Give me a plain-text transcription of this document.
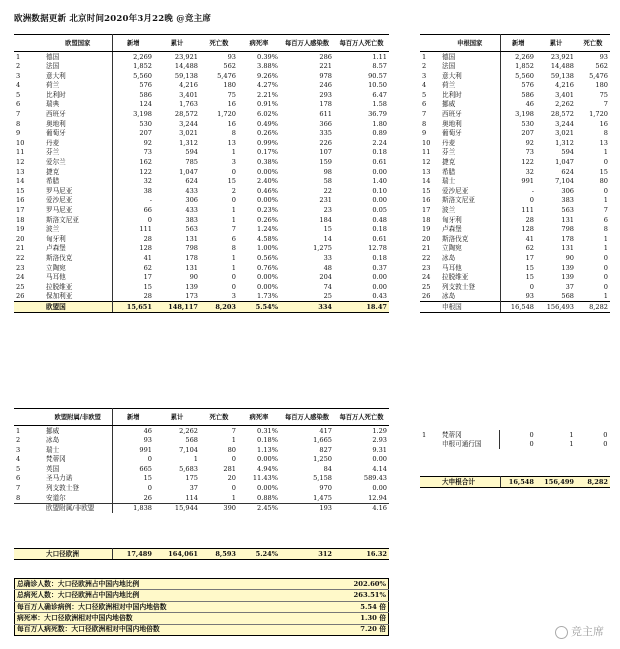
欧洲数据更新 北京时间2020年3月22晚 @竞主席
	欧盟国家	新增	累计	死亡数	病死率	每百万人感染数	每百万人死亡数
1	德国	2,269	23,921	93	0.39%	286	1.11
2	法国	1,852	14,488	562	3.88%	221	8.57
3	意大利	5,560	59,138	5,476	9.26%	978	90.57
4	荷兰	576	4,216	180	4.27%	246	10.50
5	比利时	586	3,401	75	2.21%	293	6.47
6	瑞典	124	1,763	16	0.91%	178	1.58
7	西班牙	3,198	28,572	1,720	6.02%	611	36.79
8	奥地利	530	3,244	16	0.49%	366	1.80
9	葡萄牙	207	3,021	8	0.26%	335	0.89
10	丹麦	92	1,312	13	0.99%	226	2.24
11	芬兰	73	594	1	0.17%	107	0.18
12	爱尔兰	162	785	3	0.38%	159	0.61
13	捷克	122	1,047	0	0.00%	98	0.00
14	希腊	32	624	15	2.40%	58	1.40
15	罗马尼亚	38	433	2	0.46%	22	0.10
16	爱沙尼亚	-	306	0	0.00%	231	0.00
17	罗马尼亚	66	433	1	0.23%	23	0.05
18	斯洛文尼亚	0	383	1	0.26%	184	0.48
19	波兰	111	563	7	1.24%	15	0.18
20	匈牙利	28	131	6	4.58%	14	0.61
21	卢森堡	128	798	8	1.00%	1,275	12.78
22	斯洛伐克	41	178	1	0.56%	33	0.18
23	立陶宛	62	131	1	0.76%	48	0.37
24	马耳他	17	90	0	0.00%	204	0.00
25	拉脱维亚	15	139	0	0.00%	74	0.00
26	保加利亚	28	173	3	1.73%	25	0.43
	欧盟国	15,651	148,117	8,203	5.54%	334	18.47
	申根国家	新增	累计	死亡数
1	德国	2,269	23,921	93
2	法国	1,852	14,488	562
3	意大利	5,560	59,138	5,476
4	荷兰	576	4,216	180
5	比利时	586	3,401	75
6	挪威	46	2,262	7
7	西班牙	3,198	28,572	1,720
8	奥地利	530	3,244	16
9	葡萄牙	207	3,021	8
10	丹麦	92	1,312	13
11	芬兰	73	594	1
12	捷克	122	1,047	0
13	希腊	32	624	15
14	瑞士	991	7,104	80
15	爱沙尼亚	-	306	0
16	斯洛文尼亚	0	383	1
17	波兰	111	563	7
18	匈牙利	28	131	6
19	卢森堡	128	798	8
20	斯洛伐克	41	178	1
21	立陶宛	62	131	1
22	冰岛	17	90	0
23	马耳他	15	139	0
24	拉脱维亚	15	139	0
25	列支敦士登	0	37	0
26	冰岛	93	568	1
	申根国	16,548	156,493	8,282
	欧盟附属/非欧盟	新增	累计	死亡数	病死率	每百万人感染数	每百万人死亡数
1	挪威	46	2,262	7	0.31%	417	1.29
2	冰岛	93	568	1	0.18%	1,665	2.93
3	瑞士	991	7,104	80	1.13%	827	9.31
4	梵蒂冈	0	1	0	0.00%	1,250	0.00
5	英国	665	5,683	281	4.94%	84	4.14
6	圣马力诺	15	175	20	11.43%	5,158	589.43
7	列支敦士登	0	37	0	0.00%	970	0.00
8	安道尔	26	114	1	0.88%	1,475	12.94
	欧盟附属/非欧盟	1,838	15,944	390	2.45%	193	4.16
	大口径欧洲	17,489	164,061	8,593	5.24%	312	16.32
1	梵蒂冈	0	1	0
	申根可通行国	0	1	0
	大申根合计	16,548	156,499	8,282
总确诊人数：大口径欧洲占中国内地比例	202.60%
总病死人数：大口径欧洲占中国内地比例	263.51%
每百万人确诊病例：大口径欧洲相对中国内地倍数	5.54 倍
病死率：大口径欧洲相对中国内地倍数	1.30 倍
每百万人病死数：大口径欧洲相对中国内地倍数	7.20 倍	竞主席
